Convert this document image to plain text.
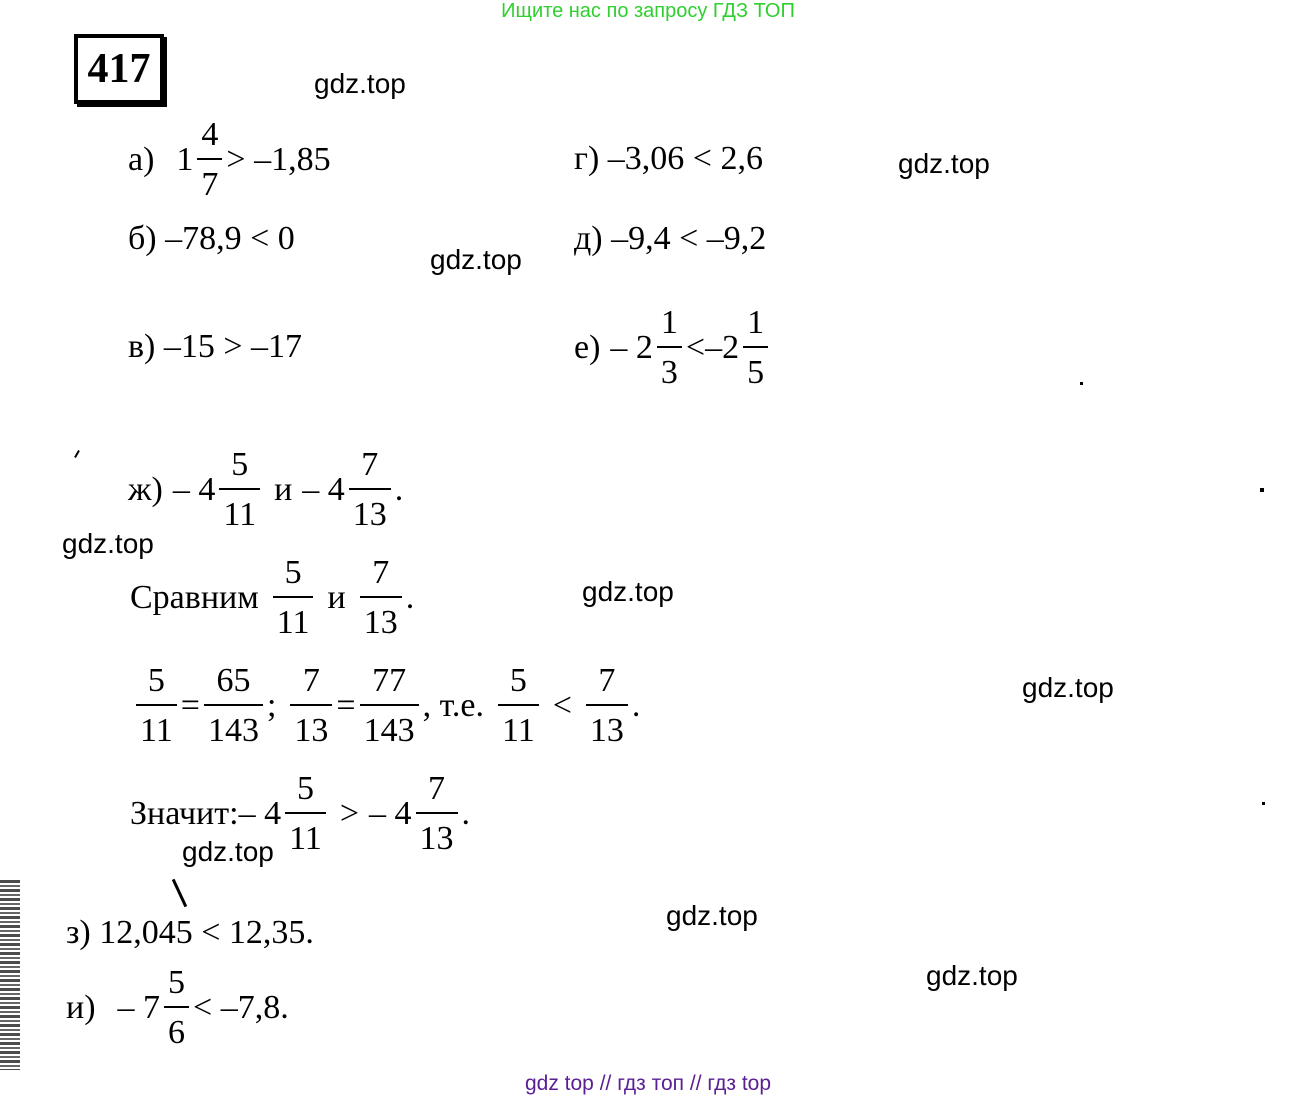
Ищите нас по запросу ГДЗ ТОП
417	gdz.top
gdz.top
gdz.top
gdz.top
gdz.top
gdz.top
gdz.top
gdz.top
gdz.top
а) $1 \frac{4}{7} > -1,85$	г) –3,06 < 2,6
б) –78,9 < 0	д) –9,4 < –9,2
в) –15 > –17	$е) - 2 \frac{1}{3} < -2 \frac{1}{5}$
$ж) - 4 \frac{5}{11}$ и – $4 \frac{7}{13}$ .
Сравним $\frac{5}{11}$ и $\frac{7}{13}$ .
$\frac{5}{11} = \frac{65}{143}$ ; $\frac{7}{13} = \frac{77}{143}$ , т.е. $\frac{5}{11} < \frac{7}{13}$ .
Значит: – $4 \frac{5}{11}$ > – $4 \frac{7}{13}$ .
з) 12,045 < 12,35.
$и) - 7 \frac{5}{6} < -7,8$.
gdz top // гдз топ // гдз top
